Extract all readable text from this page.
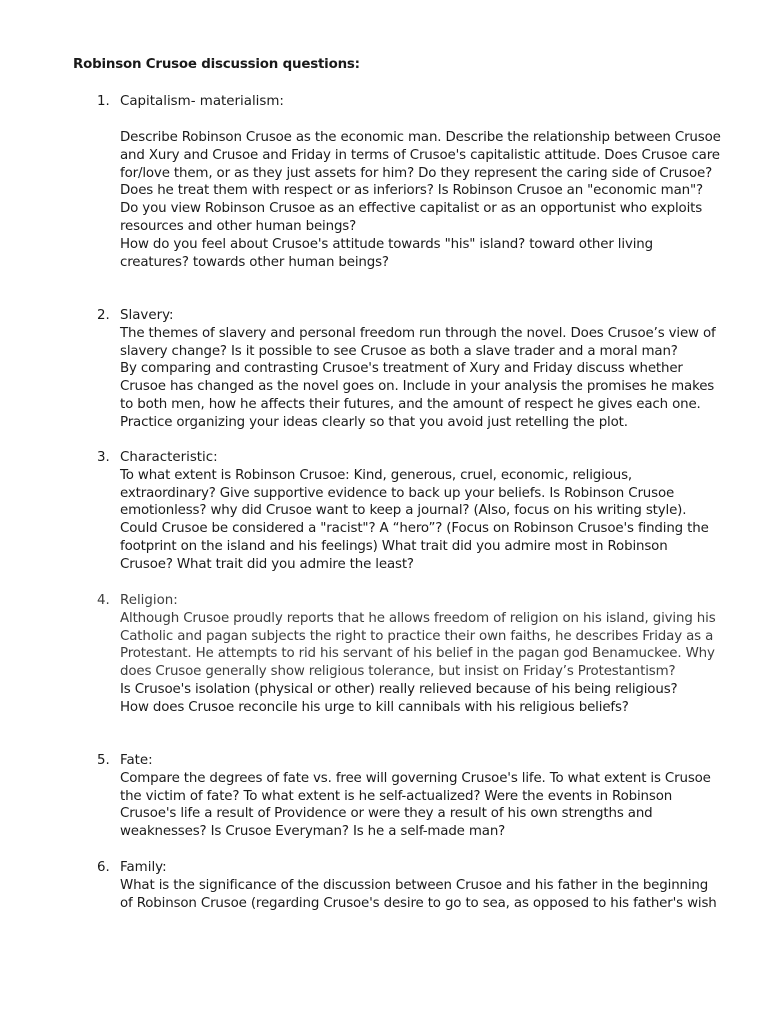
Robinson Crusoe discussion questions:
1. Capitalism- materialism:
Describe Robinson Crusoe as the economic man. Describe the relationship between Crusoe
and Xury and Crusoe and Friday in terms of Crusoe's capitalistic attitude. Does Crusoe care
for/love them, or as they just assets for him? Do they represent the caring side of Crusoe?
Does he treat them with respect or as inferiors? Is Robinson Crusoe an "economic man"?
Do you view Robinson Crusoe as an effective capitalist or as an opportunist who exploits
resources and other human beings?
How do you feel about Crusoe's attitude towards "his" island? toward other living
creatures? towards other human beings?
2. Slavery:
The themes of slavery and personal freedom run through the novel. Does Crusoe’s view of
slavery change? Is it possible to see Crusoe as both a slave trader and a moral man?
By comparing and contrasting Crusoe's treatment of Xury and Friday discuss whether
Crusoe has changed as the novel goes on. Include in your analysis the promises he makes
to both men, how he affects their futures, and the amount of respect he gives each one.
Practice organizing your ideas clearly so that you avoid just retelling the plot.
3. Characteristic:
To what extent is Robinson Crusoe: Kind, generous, cruel, economic, religious,
extraordinary? Give supportive evidence to back up your beliefs. Is Robinson Crusoe
emotionless? why did Crusoe want to keep a journal? (Also, focus on his writing style).
Could Crusoe be considered a "racist"? A “hero”? (Focus on Robinson Crusoe's finding the
footprint on the island and his feelings) What trait did you admire most in Robinson
Crusoe? What trait did you admire the least?
4. Religion:
Although Crusoe proudly reports that he allows freedom of religion on his island, giving his
Catholic and pagan subjects the right to practice their own faiths, he describes Friday as a
Protestant. He attempts to rid his servant of his belief in the pagan god Benamuckee. Why
does Crusoe generally show religious tolerance, but insist on Friday’s Protestantism?
Is Crusoe's isolation (physical or other) really relieved because of his being religious?
How does Crusoe reconcile his urge to kill cannibals with his religious beliefs?
5. Fate:
Compare the degrees of fate vs. free will governing Crusoe's life. To what extent is Crusoe
the victim of fate? To what extent is he self-actualized? Were the events in Robinson
Crusoe's life a result of Providence or were they a result of his own strengths and
weaknesses? Is Crusoe Everyman? Is he a self-made man?
6. Family:
What is the significance of the discussion between Crusoe and his father in the beginning
of Robinson Crusoe (regarding Crusoe's desire to go to sea, as opposed to his father's wish
